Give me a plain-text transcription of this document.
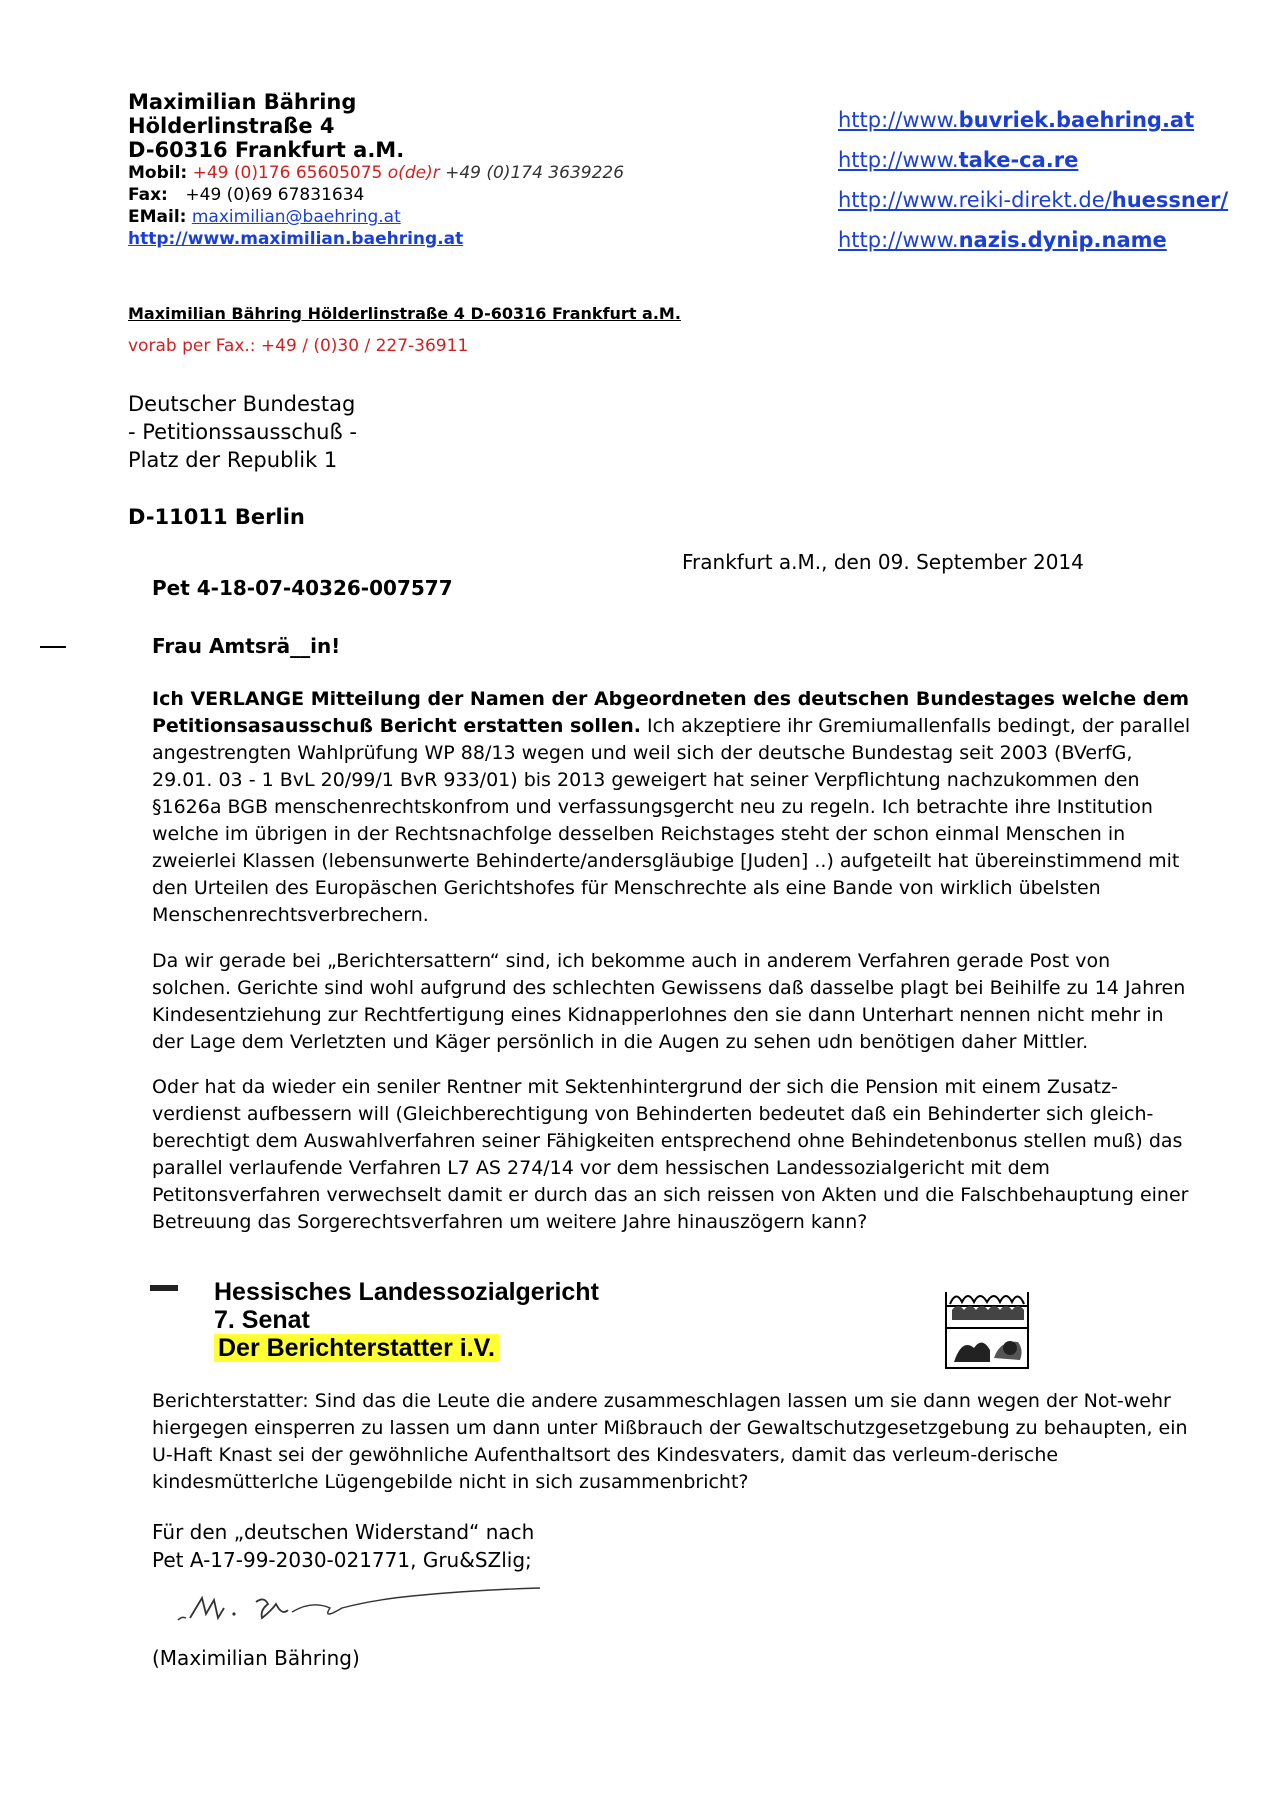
Maximilian Bähring
Hölderlinstraße 4
D-60316 Frankfurt a.M.
Mobil: +49 (0)176 65605075 o(de)r +49 (0)174 3639226
Fax: +49 (0)69 67831634
EMail: maximilian@baehring.at
http://www.maximilian.baehring.at
http://www.buvriek.baehring.at
http://www.take-ca.re
http://www.reiki-direkt.de/huessner/
http://www.nazis.dynip.name
Maximilian Bähring Hölderlinstraße 4 D-60316 Frankfurt a.M.
vorab per Fax.: +49 / (0)30 / 227-36911
Deutscher Bundestag
- Petitionssausschuß -
Platz der Republik 1
D-11011 Berlin
Frankfurt a.M., den 09. September 2014
Pet 4-18-07-40326-007577
Frau Amtsrä__in!
Ich VERLANGE Mitteilung der Namen der Abgeordneten des deutschen Bundestages welche dem Petitionsasausschuß Bericht erstatten sollen. Ich akzeptiere ihr Gremiumallenfalls bedingt, der parallel angestrengten Wahlprüfung WP 88/13 wegen und weil sich der deutsche Bundestag seit 2003 (BVerfG, 29.01. 03 - 1 BvL 20/99/1 BvR 933/01) bis 2013 geweigert hat seiner Verpflichtung nachzukommen den §1626a BGB menschenrechtskonfrom und verfassungsgercht neu zu regeln. Ich betrachte ihre Institution welche im übrigen in der Rechtsnachfolge desselben Reichstages steht der schon einmal Menschen in zweierlei Klassen (lebensunwerte Behinderte/andersgläubige [Juden] ..) aufgeteilt hat übereinstimmend mit den Urteilen des Europäschen Gerichtshofes für Menschrechte als eine Bande von wirklich übelsten Menschenrechtsverbrechern.
Da wir gerade bei „Berichtersattern“ sind, ich bekomme auch in anderem Verfahren gerade Post von solchen. Gerichte sind wohl aufgrund des schlechten Gewissens daß dasselbe plagt bei Beihilfe zu 14 Jahren Kindesentziehung zur Rechtfertigung eines Kidnapperlohnes den sie dann Unterhart nennen nicht mehr in der Lage dem Verletzten und Käger persönlich in die Augen zu sehen udn benötigen daher Mittler.
Oder hat da wieder ein seniler Rentner mit Sektenhintergrund der sich die Pension mit einem Zusatz-verdienst aufbessern will (Gleichberechtigung von Behinderten bedeutet daß ein Behinderter sich gleich-berechtigt dem Auswahlverfahren seiner Fähigkeiten entsprechend ohne Behindetenbonus stellen muß) das parallel verlaufende Verfahren L7 AS 274/14 vor dem hessischen Landessozialgericht mit dem Petitonsverfahren verwechselt damit er durch das an sich reissen von Akten und die Falschbehauptung einer Betreuung das Sorgerechtsverfahren um weitere Jahre hinauszögern kann?
Hessisches Landessozialgericht
7. Senat
Der Berichterstatter i.V.
Berichterstatter: Sind das die Leute die andere zusammeschlagen lassen um sie dann wegen der Not-wehr hiergegen einsperren zu lassen um dann unter Mißbrauch der Gewaltschutzgesetzgebung zu behaupten, ein U-Haft Knast sei der gewöhnliche Aufenthaltsort des Kindesvaters, damit das verleum-derische kindesmütterlche Lügengebilde nicht in sich zusammenbricht?
Für den „deutschen Widerstand“ nach
Pet A-17-99-2030-021771, Gru&SZlig;
(Maximilian Bähring)
